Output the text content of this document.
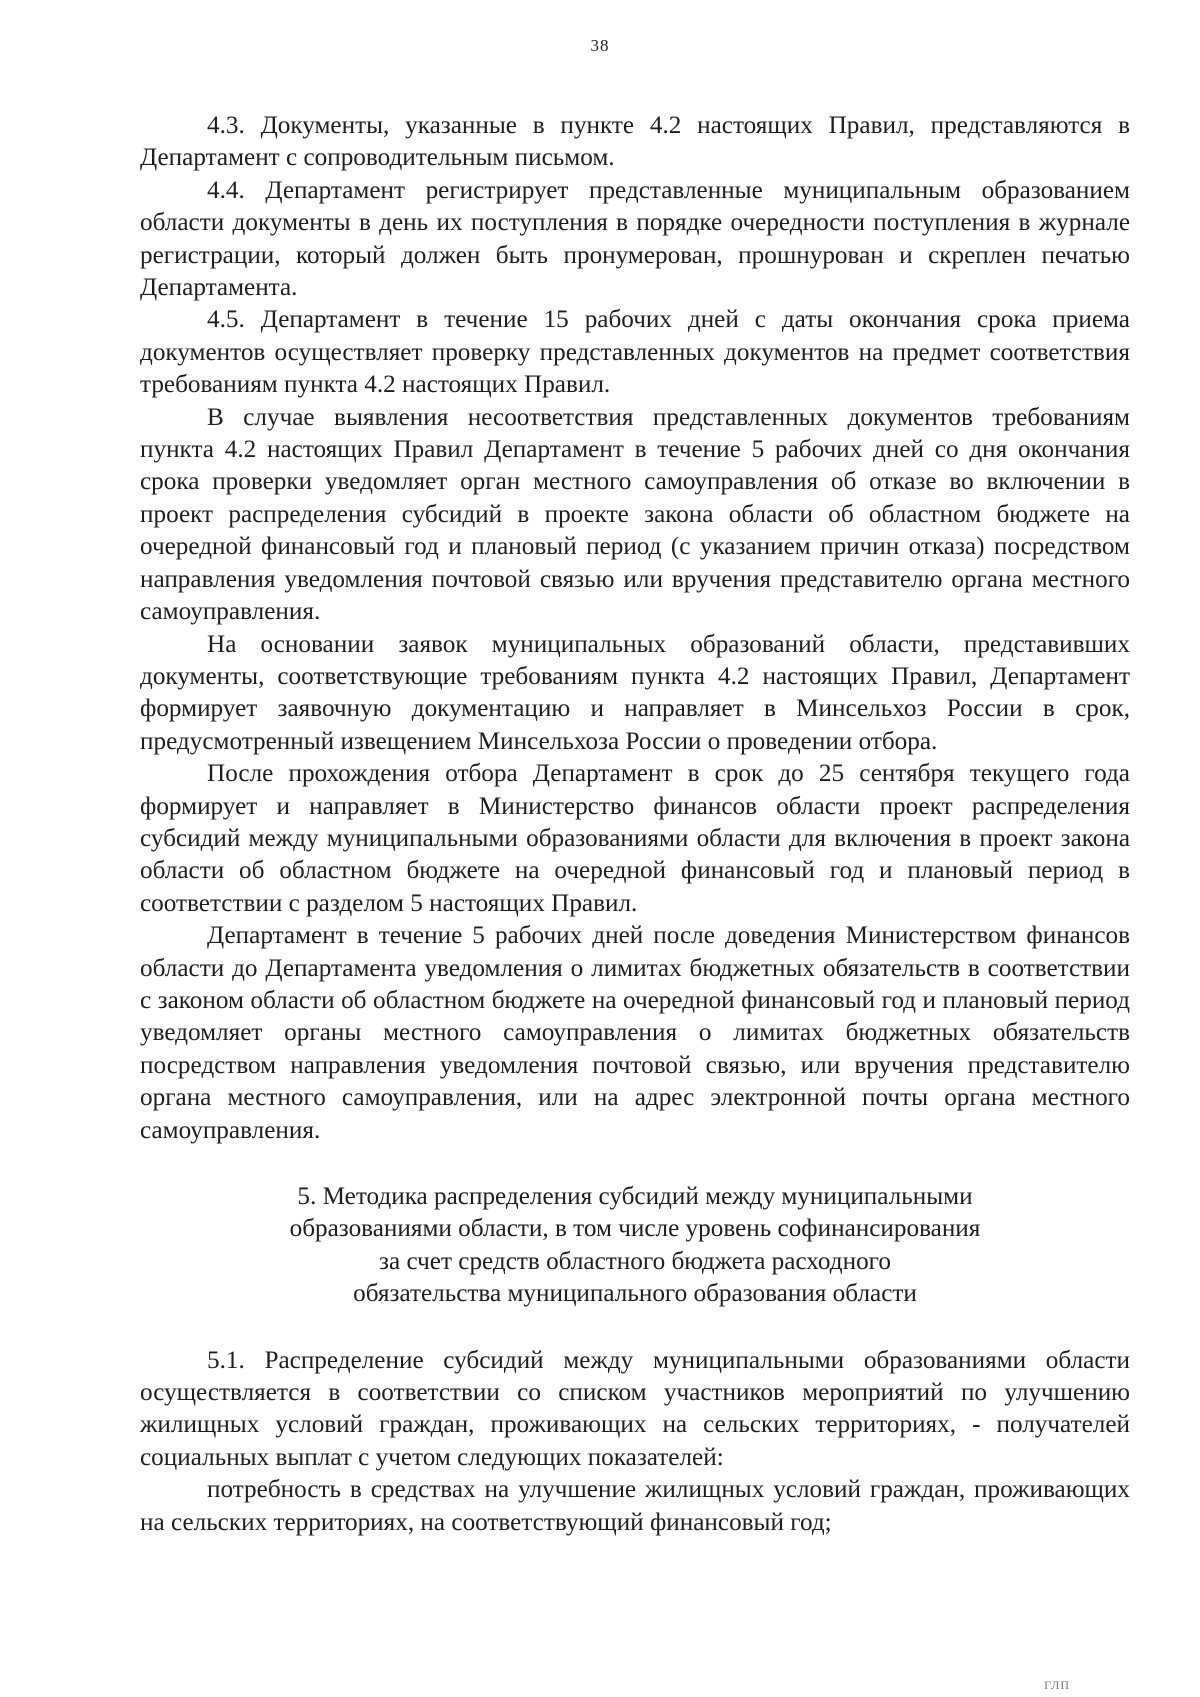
38

4.3. Документы, указанные в пункте 4.2 настоящих Правил, представляются в Департамент с сопроводительным письмом.

4.4. Департамент регистрирует представленные муниципальным образованием области документы в день их поступления в порядке очередности поступления в журнале регистрации, который должен быть пронумерован, прошнурован и скреплен печатью Департамента.

4.5. Департамент в течение 15 рабочих дней с даты окончания срока приема документов осуществляет проверку представленных документов на предмет соответствия требованиям пункта 4.2 настоящих Правил.

В случае выявления несоответствия представленных документов требованиям пункта 4.2 настоящих Правил Департамент в течение 5 рабочих дней со дня окончания срока проверки уведомляет орган местного самоуправления об отказе во включении в проект распределения субсидий в проекте закона области об областном бюджете на очередной финансовый год и плановый период (с указанием причин отказа) посредством направления уведомления почтовой связью или вручения представителю органа местного самоуправления.

На основании заявок муниципальных образований области, представивших документы, соответствующие требованиям пункта 4.2 настоящих Правил, Департамент формирует заявочную документацию и направляет в Минсельхоз России в срок, предусмотренный извещением Минсельхоза России о проведении отбора.

После прохождения отбора Департамент в срок до 25 сентября текущего года формирует и направляет в Министерство финансов области проект распределения субсидий между муниципальными образованиями области для включения в проект закона области об областном бюджете на очередной финансовый год и плановый период в соответствии с разделом 5 настоящих Правил.

Департамент в течение 5 рабочих дней после доведения Министерством финансов области до Департамента уведомления о лимитах бюджетных обязательств в соответствии с законом области об областном бюджете на очередной финансовый год и плановый период уведомляет органы местного самоуправления о лимитах бюджетных обязательств посредством направления уведомления почтовой связью, или вручения представителю органа местного самоуправления, или на адрес электронной почты органа местного самоуправления.

5. Методика распределения субсидий между муниципальными
образованиями области, в том числе уровень софинансирования
за счет средств областного бюджета расходного
обязательства муниципального образования области

5.1. Распределение субсидий между муниципальными образованиями области осуществляется в соответствии со списком участников мероприятий по улучшению жилищных условий граждан, проживающих на сельских территориях, - получателей социальных выплат с учетом следующих показателей:

потребность в средствах на улучшение жилищных условий граждан, проживающих на сельских территориях, на соответствующий финансовый год;

ГЛП
